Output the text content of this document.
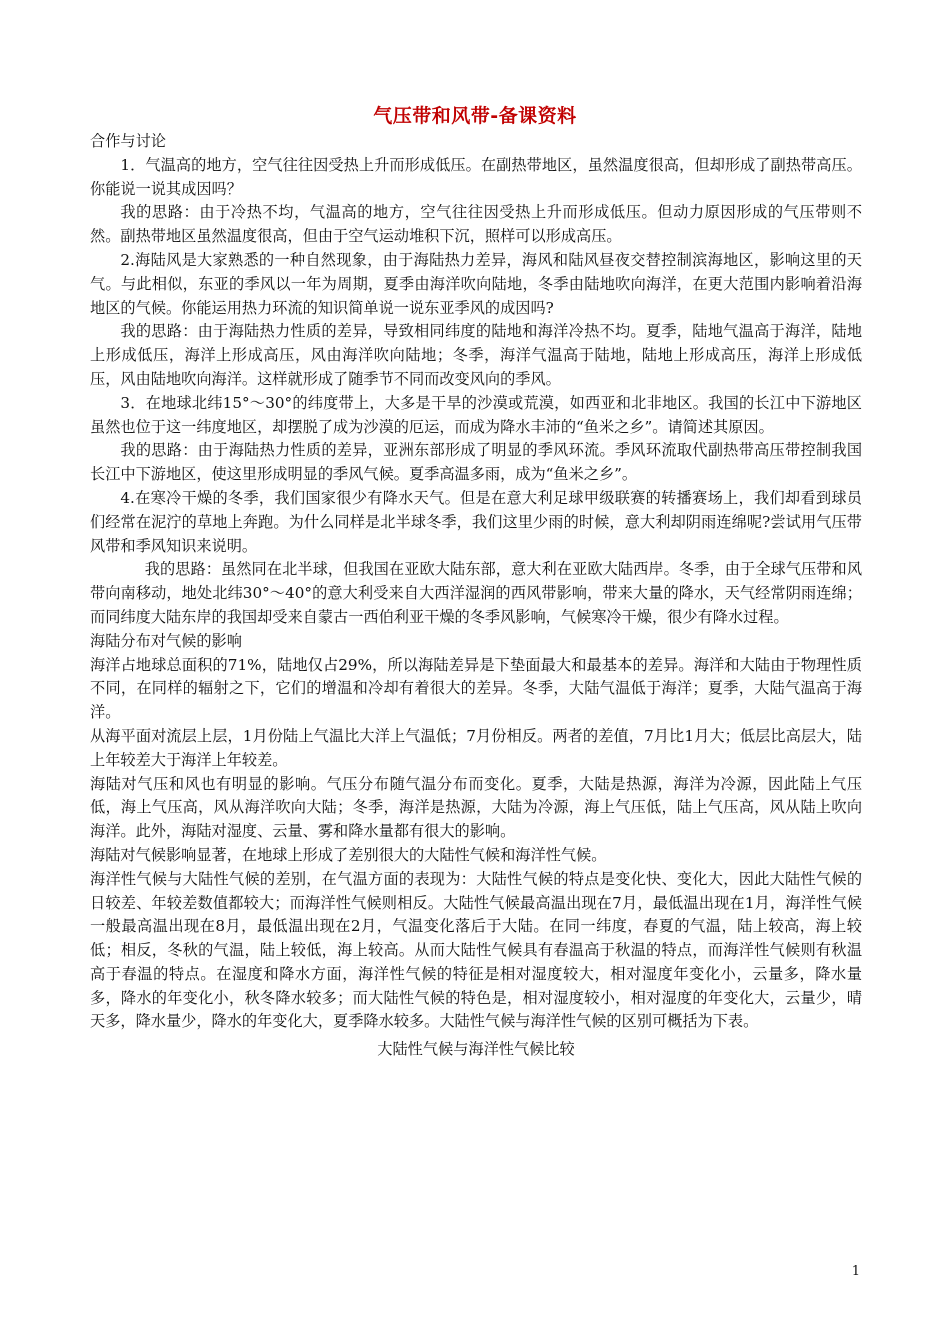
气压带和风带-备课资料

合作与讨论

1．气温高的地方，空气往往因受热上升而形成低压。在副热带地区，虽然温度很高，但却形成了副热带高压。你能说一说其成因吗？

我的思路：由于冷热不均，气温高的地方，空气往往因受热上升而形成低压。但动力原因形成的气压带则不然。副热带地区虽然温度很高，但由于空气运动堆积下沉，照样可以形成高压。

2.海陆风是大家熟悉的一种自然现象，由于海陆热力差异，海风和陆风昼夜交替控制滨海地区，影响这里的天气。与此相似，东亚的季风以一年为周期，夏季由海洋吹向陆地，冬季由陆地吹向海洋，在更大范围内影响着沿海地区的气候。你能运用热力环流的知识简单说一说东亚季风的成因吗?

我的思路：由于海陆热力性质的差异，导致相同纬度的陆地和海洋冷热不均。夏季，陆地气温高于海洋，陆地上形成低压，海洋上形成高压，风由海洋吹向陆地；冬季，海洋气温高于陆地，陆地上形成高压，海洋上形成低压，风由陆地吹向海洋。这样就形成了随季节不同而改变风向的季风。

3．在地球北纬15°～30°的纬度带上，大多是干旱的沙漠或荒漠，如西亚和北非地区。我国的长江中下游地区虽然也位于这一纬度地区，却摆脱了成为沙漠的厄运，而成为降水丰沛的“鱼米之乡”。请简述其原因。

我的思路：由于海陆热力性质的差异，亚洲东部形成了明显的季风环流。季风环流取代副热带高压带控制我国长江中下游地区，使这里形成明显的季风气候。夏季高温多雨，成为“鱼米之乡”。

4.在寒冷干燥的冬季，我们国家很少有降水天气。但是在意大利足球甲级联赛的转播赛场上，我们却看到球员们经常在泥泞的草地上奔跑。为什么同样是北半球冬季，我们这里少雨的时候，意大利却阴雨连绵呢?尝试用气压带风带和季风知识来说明。

我的思路：虽然同在北半球，但我国在亚欧大陆东部，意大利在亚欧大陆西岸。冬季，由于全球气压带和风带向南移动，地处北纬30°～40°的意大利受来自大西洋湿润的西风带影响，带来大量的降水，天气经常阴雨连绵；而同纬度大陆东岸的我国却受来自蒙古一西伯利亚干燥的冬季风影响，气候寒冷干燥，很少有降水过程。

海陆分布对气候的影响

海洋占地球总面积的71%，陆地仅占29%，所以海陆差异是下垫面最大和最基本的差异。海洋和大陆由于物理性质不同，在同样的辐射之下，它们的增温和冷却有着很大的差异。冬季，大陆气温低于海洋；夏季，大陆气温高于海洋。

从海平面对流层上层，1月份陆上气温比大洋上气温低；7月份相反。两者的差值，7月比1月大；低层比高层大，陆上年较差大于海洋上年较差。

海陆对气压和风也有明显的影响。气压分布随气温分布而变化。夏季，大陆是热源，海洋为冷源，因此陆上气压低，海上气压高，风从海洋吹向大陆；冬季，海洋是热源，大陆为冷源，海上气压低，陆上气压高，风从陆上吹向海洋。此外，海陆对湿度、云量、雾和降水量都有很大的影响。

海陆对气候影响显著，在地球上形成了差别很大的大陆性气候和海洋性气候。

海洋性气候与大陆性气候的差别，在气温方面的表现为：大陆性气候的特点是变化快、变化大，因此大陆性气候的日较差、年较差数值都较大；而海洋性气候则相反。大陆性气候最高温出现在7月，最低温出现在1月，海洋性气候一般最高温出现在8月，最低温出现在2月，气温变化落后于大陆。在同一纬度，春夏的气温，陆上较高，海上较低；相反，冬秋的气温，陆上较低，海上较高。从而大陆性气候具有春温高于秋温的特点，而海洋性气候则有秋温高于春温的特点。在湿度和降水方面，海洋性气候的特征是相对湿度较大，相对湿度年变化小，云量多，降水量多，降水的年变化小，秋冬降水较多；而大陆性气候的特色是，相对湿度较小，相对湿度的年变化大，云量少，晴天多，降水量少，降水的年变化大，夏季降水较多。大陆性气候与海洋性气候的区别可概括为下表。

大陆性气候与海洋性气候比较

1
